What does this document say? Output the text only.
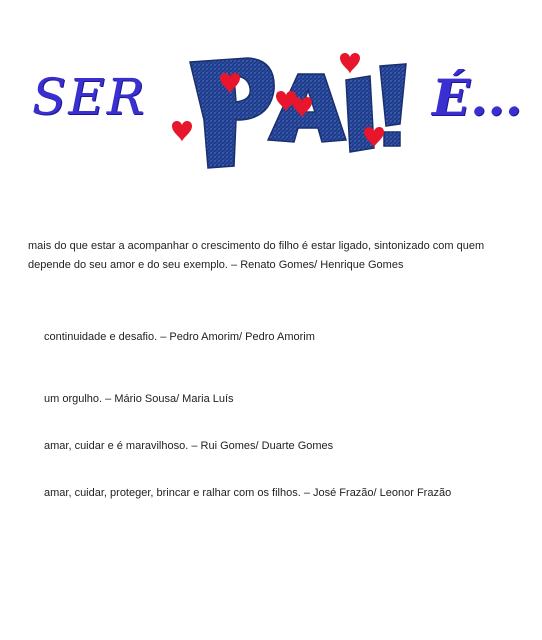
SER	É...

mais do que estar a acompanhar o crescimento do filho é estar ligado, sintonizado com quem depende do seu amor e do seu exemplo. – Renato Gomes/ Henrique Gomes

continuidade e desafio. – Pedro Amorim/ Pedro Amorim

um orgulho. – Mário Sousa/ Maria Luís

amar, cuidar e é maravilhoso. – Rui Gomes/ Duarte Gomes

amar, cuidar, proteger, brincar e ralhar com os filhos. – José Frazão/ Leonor Frazão
